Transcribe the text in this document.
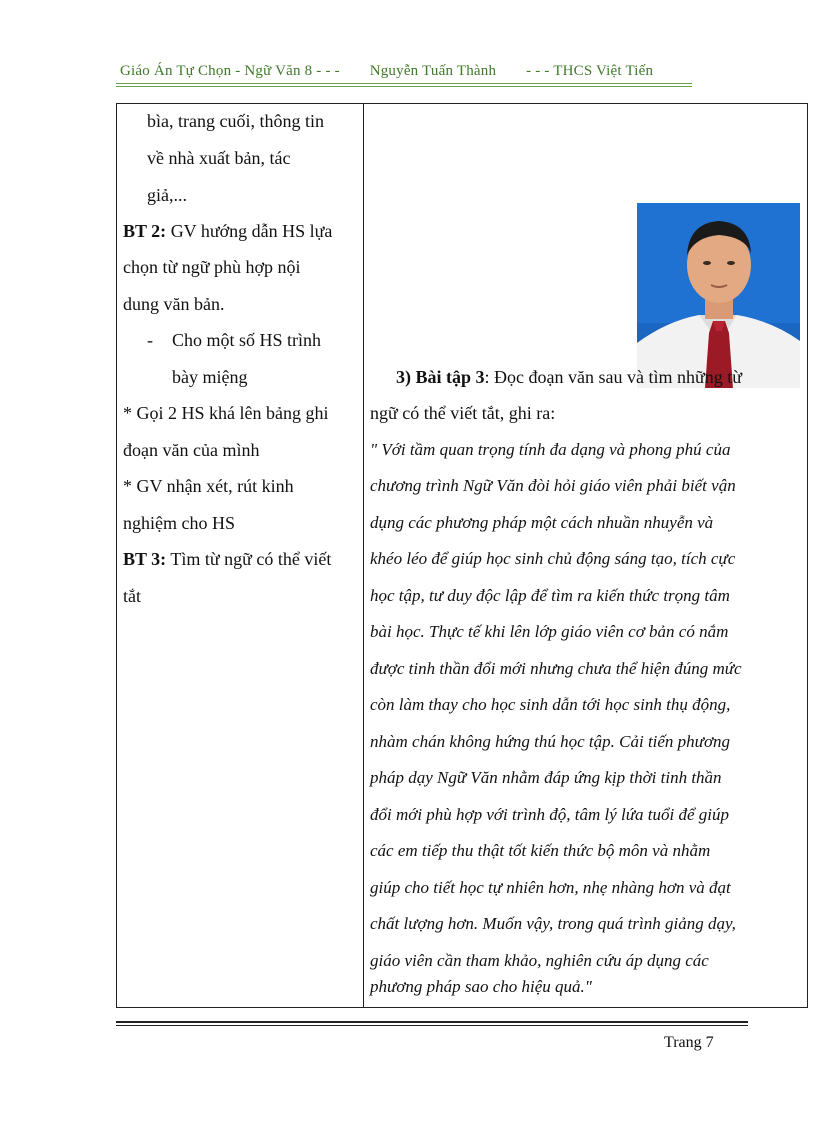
Giáo Án Tự Chọn - Ngữ Văn 8 - - - Nguyễn Tuấn Thành - - - THCS Việt Tiến
bìa, trang cuối, thông tin
về nhà xuất bản, tác
giả,...
BT 2: GV hướng dẫn HS lựa
chọn từ ngữ phù hợp nội
dung văn bản.
- Cho một số HS trình
bày miệng
* Gọi 2 HS khá lên bảng ghi
đoạn văn của mình
* GV nhận xét, rút kinh
nghiệm cho HS
BT 3: Tìm từ ngữ có thể viết
tắt
3) Bài tập 3: Đọc đoạn văn sau và tìm những từ
ngữ có thể viết tắt, ghi ra:
" Với tầm quan trọng tính đa dạng và phong phú của
chương trình Ngữ Văn đòi hỏi giáo viên phải biết vận
dụng các phương pháp một cách nhuần nhuyễn và
khéo léo để giúp học sinh chủ động sáng tạo, tích cực
học tập, tư duy độc lập để tìm ra kiến thức trọng tâm
bài học. Thực tế khi lên lớp giáo viên cơ bản có nắm
được tinh thần đổi mới nhưng chưa thể hiện đúng mức
còn làm thay cho học sinh dẫn tới học sinh thụ động,
nhàm chán không hứng thú học tập. Cải tiến phương
pháp dạy Ngữ Văn nhằm đáp ứng kịp thời tinh thần
đổi mới phù hợp với trình độ, tâm lý lứa tuổi để giúp
các em tiếp thu thật tốt kiến thức bộ môn và nhằm
giúp cho tiết học tự nhiên hơn, nhẹ nhàng hơn và đạt
chất lượng hơn. Muốn vậy, trong quá trình giảng dạy,
giáo viên cần tham khảo, nghiên cứu áp dụng các
phương pháp sao cho hiệu quả."
Trang 7
